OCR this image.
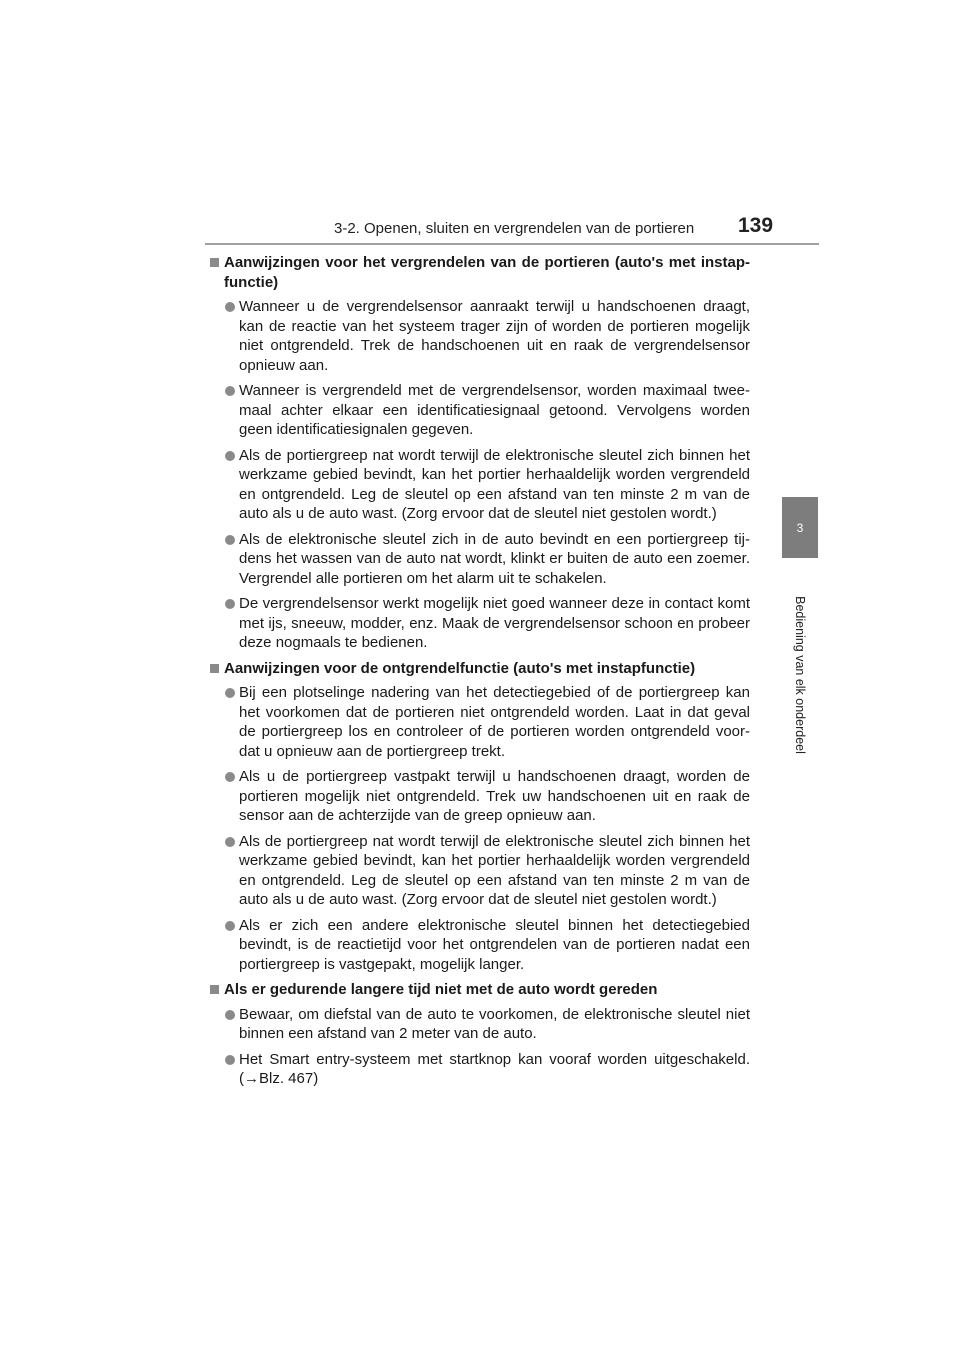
3-2. Openen, sluiten en vergrendelen van de portieren 139
3
Bediening van elk onderdeel
Aanwijzingen voor het vergrendelen van de portieren (auto's met instap-functie)
Wanneer u de vergrendelsensor aanraakt terwijl u handschoenen draagt, kan de reactie van het systeem trager zijn of worden de portieren mogelijk niet ontgrendeld. Trek de handschoenen uit en raak de vergrendelsensor opnieuw aan.
Wanneer is vergrendeld met de vergrendelsensor, worden maximaal twee-maal achter elkaar een identificatiesignaal getoond. Vervolgens worden geen identificatiesignalen gegeven.
Als de portiergreep nat wordt terwijl de elektronische sleutel zich binnen het werkzame gebied bevindt, kan het portier herhaaldelijk worden vergrendeld en ontgrendeld. Leg de sleutel op een afstand van ten minste 2 m van de auto als u de auto wast. (Zorg ervoor dat de sleutel niet gestolen wordt.)
Als de elektronische sleutel zich in de auto bevindt en een portiergreep tij-dens het wassen van de auto nat wordt, klinkt er buiten de auto een zoemer. Vergrendel alle portieren om het alarm uit te schakelen.
De vergrendelsensor werkt mogelijk niet goed wanneer deze in contact komt met ijs, sneeuw, modder, enz. Maak de vergrendelsensor schoon en probeer deze nogmaals te bedienen.
Aanwijzingen voor de ontgrendelfunctie (auto's met instapfunctie)
Bij een plotselinge nadering van het detectiegebied of de portiergreep kan het voorkomen dat de portieren niet ontgrendeld worden. Laat in dat geval de portiergreep los en controleer of de portieren worden ontgrendeld voor-dat u opnieuw aan de portiergreep trekt.
Als u de portiergreep vastpakt terwijl u handschoenen draagt, worden de portieren mogelijk niet ontgrendeld. Trek uw handschoenen uit en raak de sensor aan de achterzijde van de greep opnieuw aan.
Als de portiergreep nat wordt terwijl de elektronische sleutel zich binnen het werkzame gebied bevindt, kan het portier herhaaldelijk worden vergrendeld en ontgrendeld. Leg de sleutel op een afstand van ten minste 2 m van de auto als u de auto wast. (Zorg ervoor dat de sleutel niet gestolen wordt.)
Als er zich een andere elektronische sleutel binnen het detectiegebied bevindt, is de reactietijd voor het ontgrendelen van de portieren nadat een portiergreep is vastgepakt, mogelijk langer.
Als er gedurende langere tijd niet met de auto wordt gereden
Bewaar, om diefstal van de auto te voorkomen, de elektronische sleutel niet binnen een afstand van 2 meter van de auto.
Het Smart entry-systeem met startknop kan vooraf worden uitgeschakeld. (→Blz. 467)
